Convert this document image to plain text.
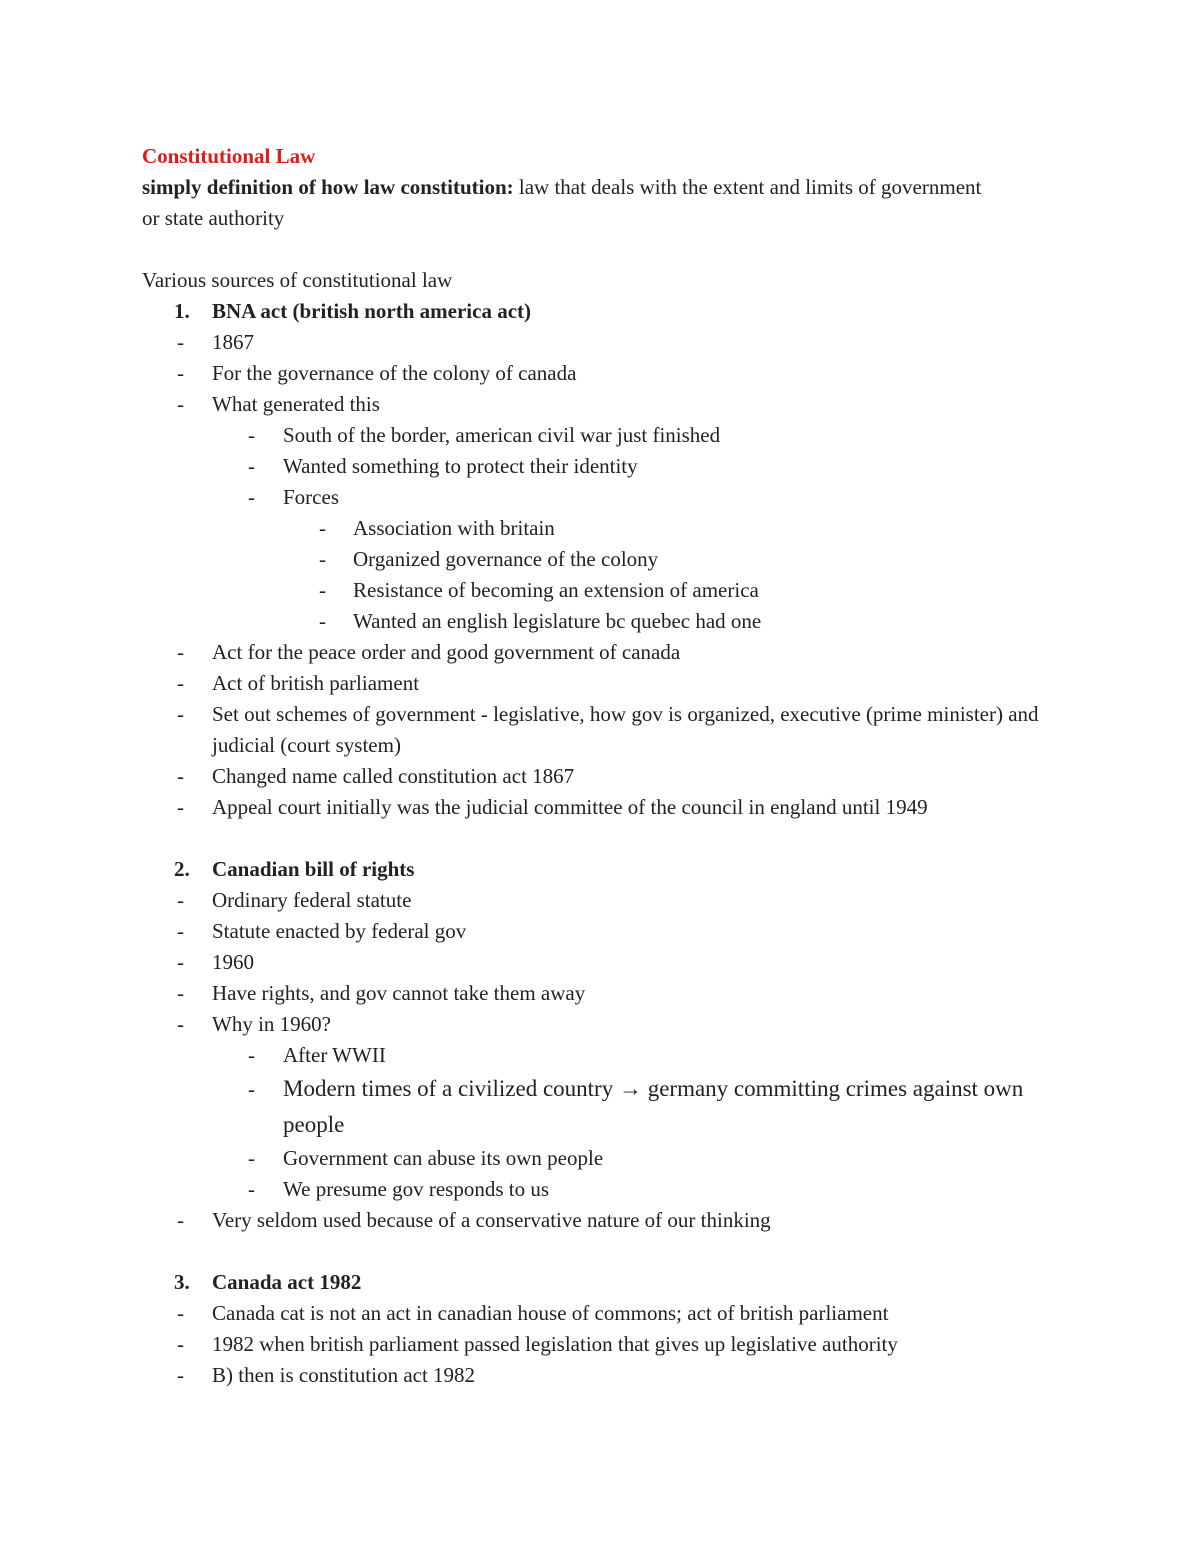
Constitutional Law

simply definition of how law constitution: law that deals with the extent and limits of government or state authority

Various sources of constitutional law
1. BNA act (british north america act)
- 1867
- For the governance of the colony of canada
- What generated this
- South of the border, american civil war just finished
- Wanted something to protect their identity
- Forces
- Association with britain
- Organized governance of the colony
- Resistance of becoming an extension of america
- Wanted an english legislature bc quebec had one
- Act for the peace order and good government of canada
- Act of british parliament
- Set out schemes of government - legislative, how gov is organized, executive (prime minister) and judicial (court system)
- Changed name called constitution act 1867
- Appeal court initially was the judicial committee of the council in england until 1949
2. Canadian bill of rights
- Ordinary federal statute
- Statute enacted by federal gov
- 1960
- Have rights, and gov cannot take them away
- Why in 1960?
- After WWII
- Modern times of a civilized country → germany committing crimes against own people
- Government can abuse its own people
- We presume gov responds to us
- Very seldom used because of a conservative nature of our thinking
3. Canada act 1982
- Canada cat is not an act in canadian house of commons; act of british parliament
- 1982 when british parliament passed legislation that gives up legislative authority
- B) then is constitution act 1982
